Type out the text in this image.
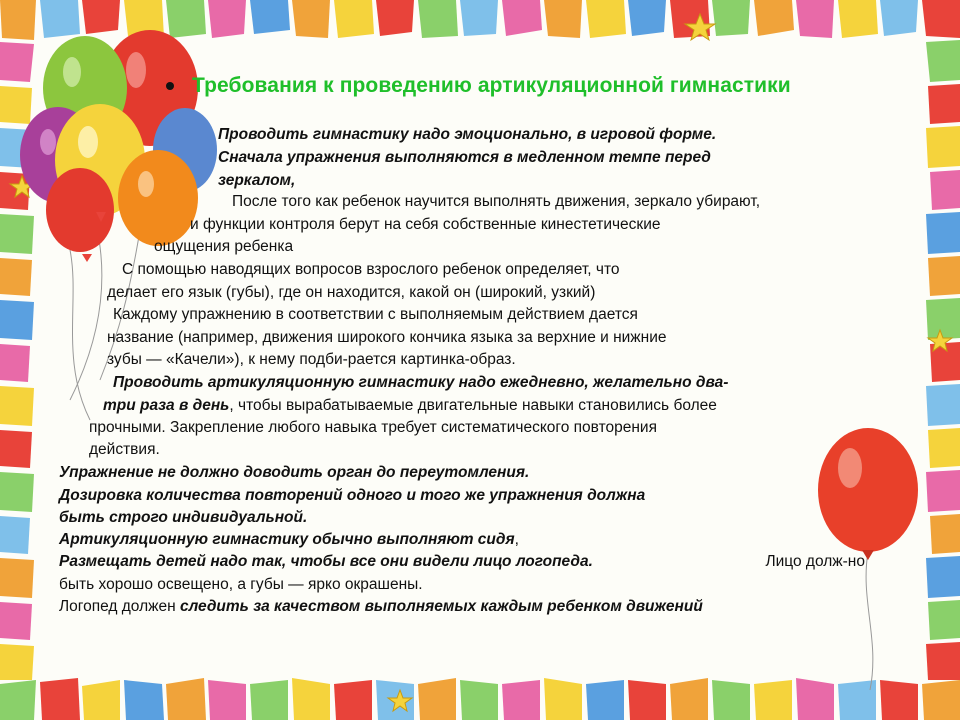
Требования к проведению артикуляционной гимнастики
Проводить гимнастику надо эмоционально, в игровой форме.
Сначала упражнения выполняются в медленном темпе перед
зеркалом,
После того как ребенок научится выполнять движения, зеркало убирают,
и функции контроля берут на себя собственные кинестетические
ощущения ребенка
С помощью наводящих вопросов взрослого ребенок определяет, что
делает его язык (губы), где он находится, какой он (широкий, узкий)
Каждому упражнению в соответствии с выполняемым действием дается
название (например, движения широкого кончика языка за верхние и нижние
зубы — «Качели»), к нему подби-рается картинка-образ.
Проводить артикуляционную гимнастику надо ежедневно, желательно два-
три раза в день, чтобы вырабатываемые двигательные навыки становились более
прочными. Закрепление любого навыка требует систематического повторения
действия.
Упражнение не должно доводить орган до переутомления.
Дозировка количества повторений одного и того же упражнения должна
быть строго индивидуальной.
Артикуляционную гимнастику обычно выполняют сидя,
Размещать детей надо так, чтобы все они видели лицо логопеда.	Лицо долж-но
быть хорошо освещено, а губы — ярко окрашены.
Логопед должен следить за качеством выполняемых каждым ребенком движений
